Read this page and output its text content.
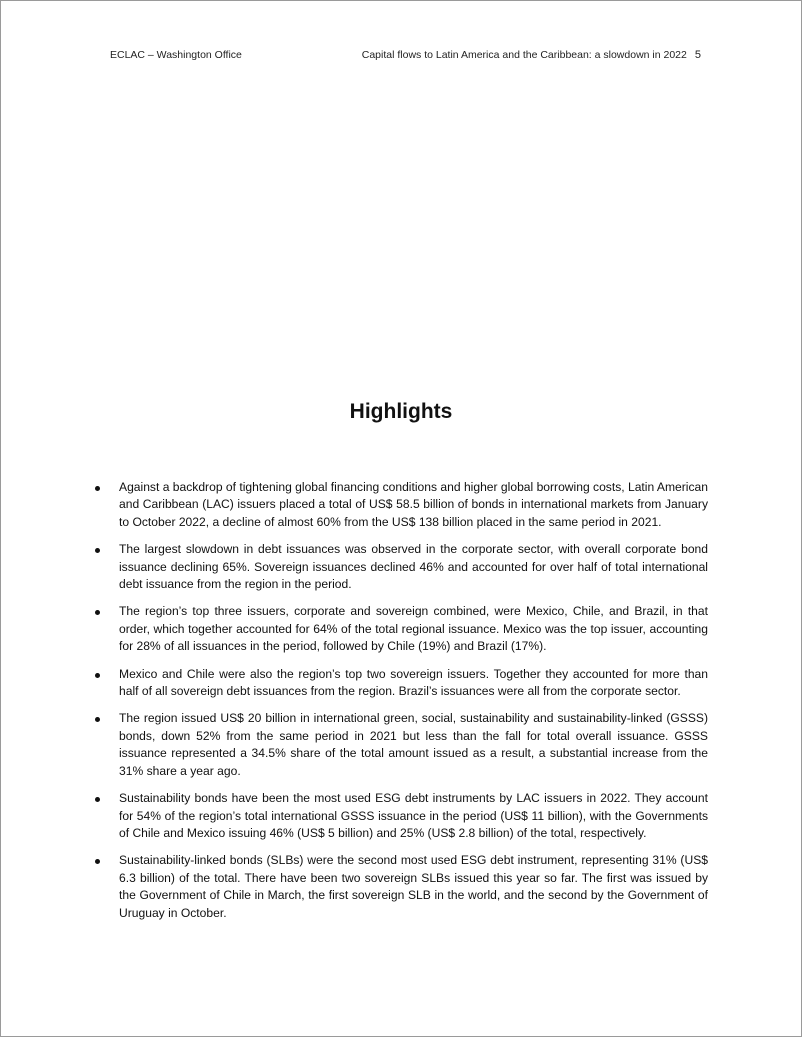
ECLAC – Washington Office	Capital flows to Latin America and the Caribbean: a slowdown in 2022 5
Highlights
Against a backdrop of tightening global financing conditions and higher global borrowing costs, Latin American and Caribbean (LAC) issuers placed a total of US$ 58.5 billion of bonds in international markets from January to October 2022, a decline of almost 60% from the US$ 138 billion placed in the same period in 2021.
The largest slowdown in debt issuances was observed in the corporate sector, with overall corporate bond issuance declining 65%. Sovereign issuances declined 46% and accounted for over half of total international debt issuance from the region in the period.
The region’s top three issuers, corporate and sovereign combined, were Mexico, Chile, and Brazil, in that order, which together accounted for 64% of the total regional issuance. Mexico was the top issuer, accounting for 28% of all issuances in the period, followed by Chile (19%) and Brazil (17%).
Mexico and Chile were also the region’s top two sovereign issuers. Together they accounted for more than half of all sovereign debt issuances from the region. Brazil’s issuances were all from the corporate sector.
The region issued US$ 20 billion in international green, social, sustainability and sustainability-linked (GSSS) bonds, down 52% from the same period in 2021 but less than the fall for total overall issuance. GSSS issuance represented a 34.5% share of the total amount issued as a result, a substantial increase from the 31% share a year ago.
Sustainability bonds have been the most used ESG debt instruments by LAC issuers in 2022. They account for 54% of the region’s total international GSSS issuance in the period (US$ 11 billion), with the Governments of Chile and Mexico issuing 46% (US$ 5 billion) and 25% (US$ 2.8 billion) of the total, respectively.
Sustainability-linked bonds (SLBs) were the second most used ESG debt instrument, representing 31% (US$ 6.3 billion) of the total. There have been two sovereign SLBs issued this year so far. The first was issued by the Government of Chile in March, the first sovereign SLB in the world, and the second by the Government of Uruguay in October.
